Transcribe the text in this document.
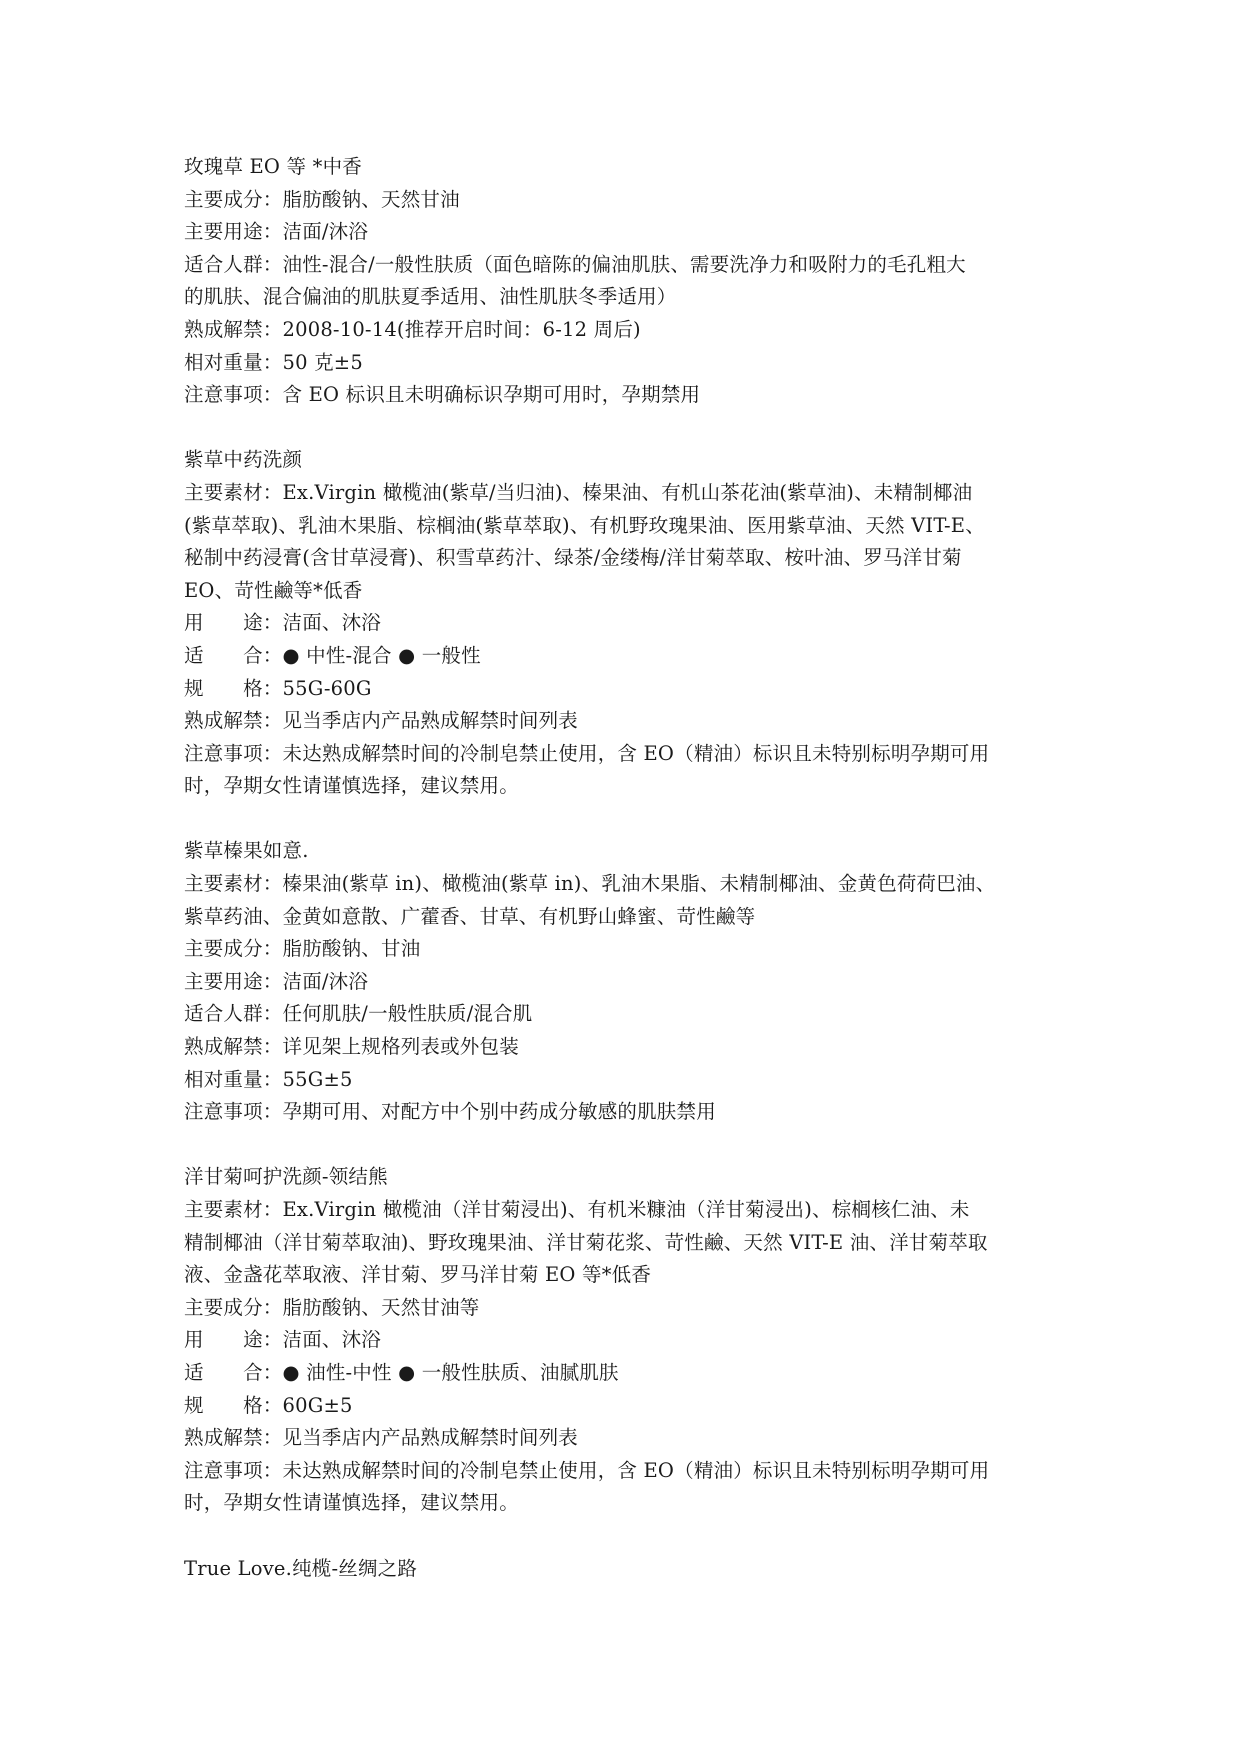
玫瑰草 EO 等 *中香
主要成分：脂肪酸钠、天然甘油
主要用途：洁面/沐浴
适合人群：油性-混合/一般性肤质（面色暗陈的偏油肌肤、需要洗净力和吸附力的毛孔粗大
的肌肤、混合偏油的肌肤夏季适用、油性肌肤冬季适用）
熟成解禁：2008-10-14(推荐开启时间：6-12 周后)
相对重量：50 克±5
注意事项：含 EO 标识且未明确标识孕期可用时，孕期禁用
紫草中药洗颜
主要素材：Ex.Virgin 橄榄油(紫草/当归油)、榛果油、有机山茶花油(紫草油)、未精制椰油
(紫草萃取)、乳油木果脂、棕榈油(紫草萃取)、有机野玫瑰果油、医用紫草油、天然 VIT-E、
秘制中药浸膏(含甘草浸膏)、积雪草药汁、绿茶/金缕梅/洋甘菊萃取、桉叶油、罗马洋甘菊
EO、苛性鹼等*低香
用　　途：洁面、沐浴
适　　合：● 中性-混合 ● 一般性
规　　格：55G-60G
熟成解禁：见当季店内产品熟成解禁时间列表
注意事项：未达熟成解禁时间的冷制皂禁止使用，含 EO（精油）标识且未特别标明孕期可用
时，孕期女性请谨慎选择，建议禁用。
紫草榛果如意.
主要素材：榛果油(紫草 in)、橄榄油(紫草 in)、乳油木果脂、未精制椰油、金黄色荷荷巴油、
紫草药油、金黄如意散、广藿香、甘草、有机野山蜂蜜、苛性鹼等
主要成分：脂肪酸钠、甘油
主要用途：洁面/沐浴
适合人群：任何肌肤/一般性肤质/混合肌
熟成解禁：详见架上规格列表或外包装
相对重量：55G±5
注意事项：孕期可用、对配方中个别中药成分敏感的肌肤禁用
洋甘菊呵护洗颜-领结熊
主要素材：Ex.Virgin 橄榄油（洋甘菊浸出)、有机米糠油（洋甘菊浸出)、棕榈核仁油、未
精制椰油（洋甘菊萃取油)、野玫瑰果油、洋甘菊花浆、苛性鹼、天然 VIT-E 油、洋甘菊萃取
液、金盏花萃取液、洋甘菊、罗马洋甘菊 EO 等*低香
主要成分：脂肪酸钠、天然甘油等
用　　途：洁面、沐浴
适　　合：● 油性-中性 ● 一般性肤质、油腻肌肤
规　　格：60G±5
熟成解禁：见当季店内产品熟成解禁时间列表
注意事项：未达熟成解禁时间的冷制皂禁止使用，含 EO（精油）标识且未特别标明孕期可用
时，孕期女性请谨慎选择，建议禁用。
True Love.纯榄-丝绸之路
